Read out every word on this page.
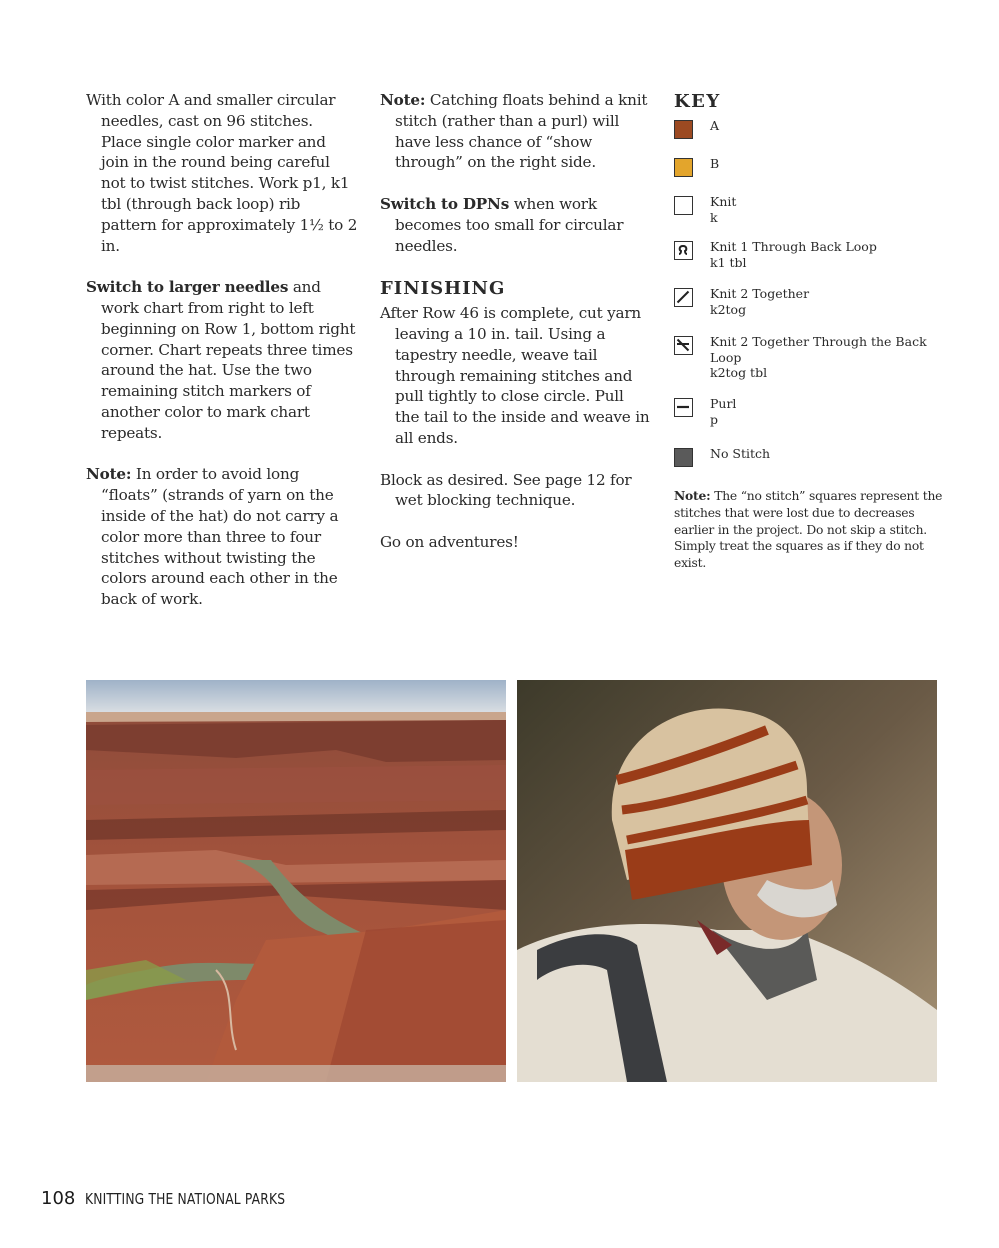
With color A and smaller circular needles, cast on 96 stitches. Place single color marker and join in the round being careful not to twist stitches. Work p1, k1 tbl (through back loop) rib pattern for approximately 1½ to 2 in.

Switch to larger needles and work chart from right to left beginning on Row 1, bottom right corner. Chart repeats three times around the hat. Use the two remaining stitch markers of another color to mark chart repeats.

Note: In order to avoid long “floats” (strands of yarn on the inside of the hat) do not carry a color more than three to four stitches without twisting the colors around each other in the back of work.

Note: Catching floats behind a knit stitch (rather than a purl) will have less chance of “show through” on the right side.

Switch to DPNs when work becomes too small for circular needles.

FINISHING

After Row 46 is complete, cut yarn leaving a 10 in. tail. Using a tapestry needle, weave tail through remaining stitches and pull tightly to close circle. Pull the tail to the inside and weave in all ends.

Block as desired. See page 12 for wet blocking technique.

Go on adventures!

KEY
A
B
Knit
k
Knit 1 Through Back Loop
k1 tbl
Knit 2 Together
k2tog
Knit 2 Together Through the Back Loop
k2tog tbl
Purl
p
No Stitch
Note: The “no stitch” squares represent the stitches that were lost due to decreases earlier in the project. Do not skip a stitch. Simply treat the squares as if they do not exist.
108 KNITTING THE NATIONAL PARKS
